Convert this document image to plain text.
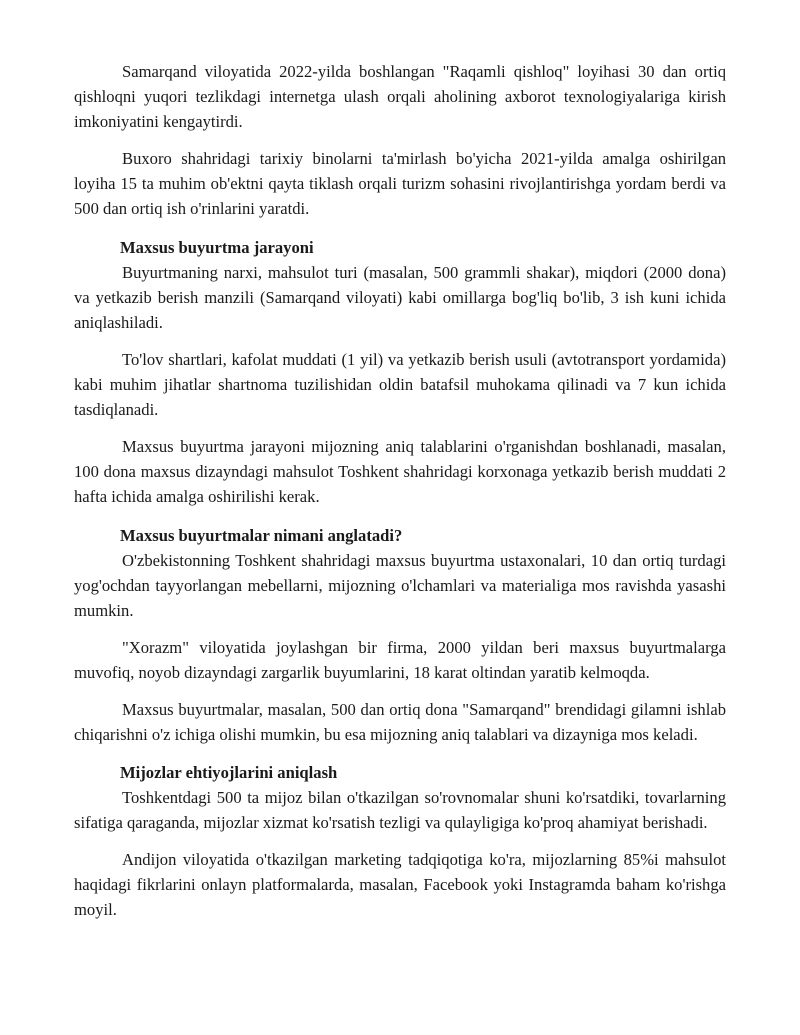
Samarqand viloyatida 2022-yilda boshlangan "Raqamli qishloq" loyihasi 30 dan ortiq qishloqni yuqori tezlikdagi internetga ulash orqali aholining axborot texnologiyalariga kirish imkoniyatini kengaytirdi.

Buxoro shahridagi tarixiy binolarni ta'mirlash bo'yicha 2021-yilda amalga oshirilgan loyiha 15 ta muhim ob'ektni qayta tiklash orqali turizm sohasini rivojlantirishga yordam berdi va 500 dan ortiq ish o'rinlarini yaratdi.

Maxsus buyurtma jarayoni

Buyurtmaning narxi, mahsulot turi (masalan, 500 grammli shakar), miqdori (2000 dona) va yetkazib berish manzili (Samarqand viloyati) kabi omillarga bog'liq bo'lib, 3 ish kuni ichida aniqlashiladi.

To'lov shartlari, kafolat muddati (1 yil) va yetkazib berish usuli (avtotransport yordamida) kabi muhim jihatlar shartnoma tuzilishidan oldin batafsil muhokama qilinadi va 7 kun ichida tasdiqlanadi.

Maxsus buyurtma jarayoni mijozning aniq talablarini o'rganishdan boshlanadi, masalan, 100 dona maxsus dizayndagi mahsulot Toshkent shahridagi korxonaga yetkazib berish muddati 2 hafta ichida amalga oshirilishi kerak.

Maxsus buyurtmalar nimani anglatadi?

O'zbekistonning Toshkent shahridagi maxsus buyurtma ustaxonalari, 10 dan ortiq turdagi yog'ochdan tayyorlangan mebellarni, mijozning o'lchamlari va materialiga mos ravishda yasashi mumkin.

"Xorazm" viloyatida joylashgan bir firma, 2000 yildan beri maxsus buyurtmalarga muvofiq, noyob dizayndagi zargarlik buyumlarini, 18 karat oltindan yaratib kelmoqda.

Maxsus buyurtmalar, masalan, 500 dan ortiq dona "Samarqand" brendidagi gilamni ishlab chiqarishni o'z ichiga olishi mumkin, bu esa mijozning aniq talablari va dizayniga mos keladi.

Mijozlar ehtiyojlarini aniqlash

Toshkentdagi 500 ta mijoz bilan o'tkazilgan so'rovnomalar shuni ko'rsatdiki, tovarlarning sifatiga qaraganda, mijozlar xizmat ko'rsatish tezligi va qulayligiga ko'proq ahamiyat berishadi.

Andijon viloyatida o'tkazilgan marketing tadqiqotiga ko'ra, mijozlarning 85%i mahsulot haqidagi fikrlarini onlayn platformalarda, masalan, Facebook yoki Instagramda baham ko'rishga moyil.
